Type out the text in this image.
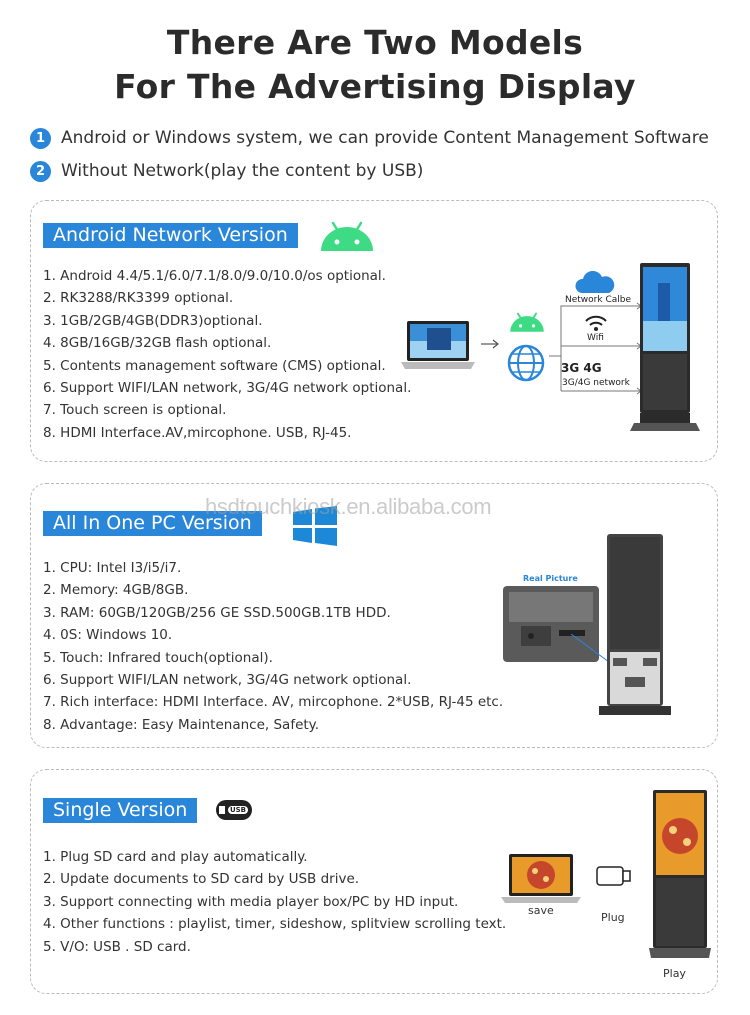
There Are Two Models
For The Advertising Display
1 Android or Windows system, we can provide Content Management Software
2 Without Network(play the content by USB)
Android Network Version
1. Android 4.4/5.1/6.0/7.1/8.0/9.0/10.0/os optional.
2. RK3288/RK3399 optional.
3. 1GB/2GB/4GB(DDR3)optional.
4. 8GB/16GB/32GB flash optional.
5. Contents management software (CMS) optional.
6. Support WIFI/LAN network, 3G/4G network optional.
7. Touch screen is optional.
8. HDMI Interface.AV,mircophone. USB, RJ-45.
Network Calbe
Wifi
3G 4G
3G/4G network
All In One PC Version
1. CPU: Intel I3/i5/i7.
2. Memory: 4GB/8GB.
3. RAM: 60GB/120GB/256 GE SSD.500GB.1TB HDD.
4. 0S: Windows 10.
5. Touch: Infrared touch(optional).
6. Support WIFI/LAN network, 3G/4G network optional.
7. Rich interface: HDMI Interface. AV, mircophone. 2*USB, RJ-45 etc.
8. Advantage: Easy Maintenance, Safety.
Real Picture
hsdtouchkiosk.en.alibaba.com
Single Version	USB
1. Plug SD card and play automatically.
2. Update documents to SD card by USB drive.
3. Support connecting with media player box/PC by HD input.
4. Other functions : playlist, timer, sideshow, splitview scrolling text.
5. V/O: USB . SD card.
save
Plug
Play
